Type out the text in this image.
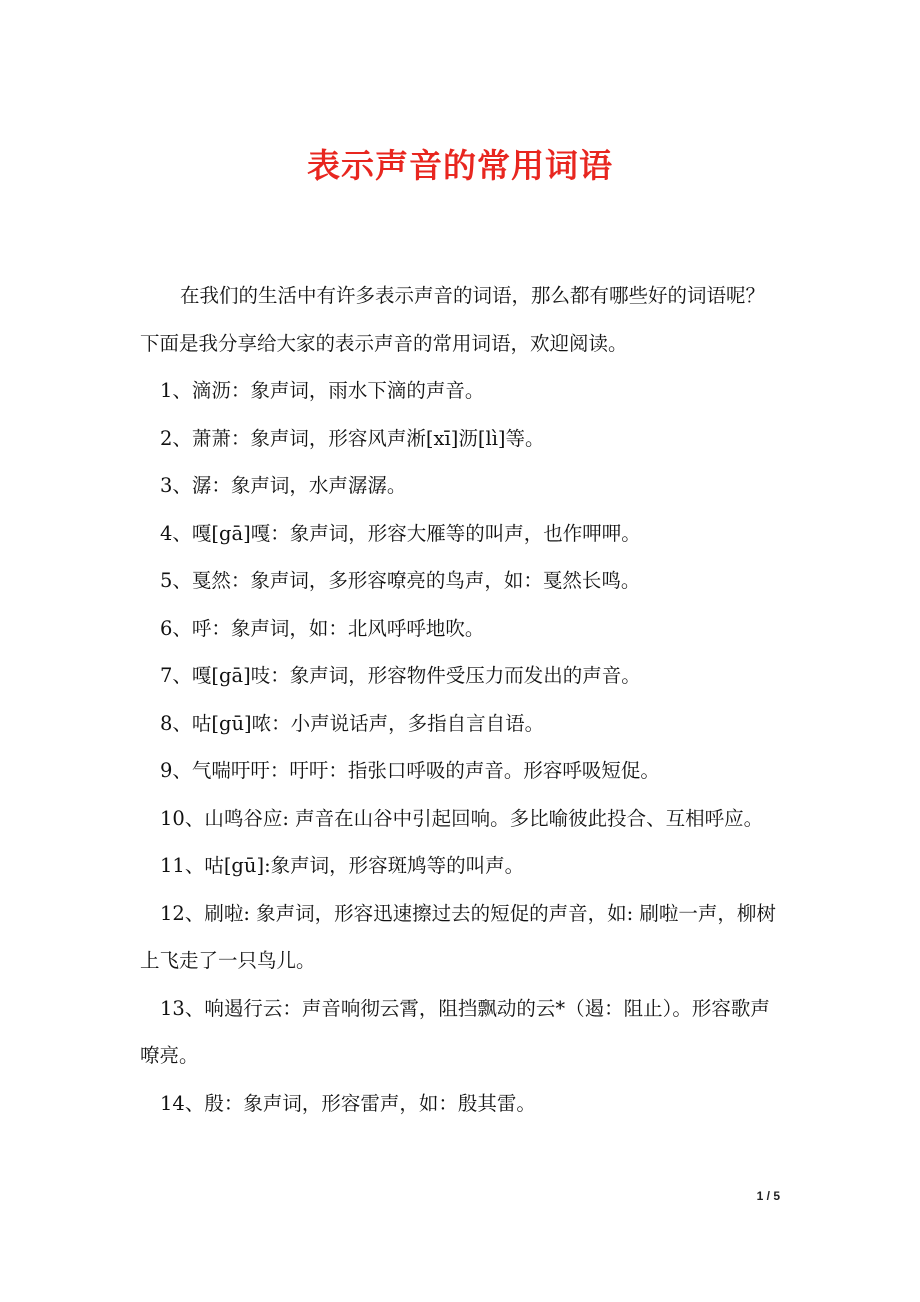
表示声音的常用词语

在我们的生活中有许多表示声音的词语，那么都有哪些好的词语呢？下面是我分享给大家的表示声音的常用词语，欢迎阅读。

1、滴沥：象声词，雨水下滴的声音。

2、萧萧：象声词，形容风声淅[xī]沥[lì]等。

3、潺：象声词，水声潺潺。

4、嘎[gā]嘎：象声词，形容大雁等的叫声，也作呷呷。

5、戛然：象声词，多形容嘹亮的鸟声，如：戛然长鸣。

6、呼：象声词，如：北风呼呼地吹。

7、嘎[gā]吱：象声词，形容物件受压力而发出的声音。

8、咕[gū]哝：小声说话声，多指自言自语。

9、气喘吁吁：吁吁：指张口呼吸的声音。形容呼吸短促。

10、山鸣谷应: 声音在山谷中引起回响。多比喻彼此投合、互相呼应。

11、咕[gū]:象声词，形容斑鸠等的叫声。

12、刷啦: 象声词，形容迅速擦过去的短促的声音，如: 刷啦一声，柳树上飞走了一只鸟儿。

13、响遏行云：声音响彻云霄，阻挡飘动的云*（遏：阻止）。形容歌声嘹亮。

14、殷：象声词，形容雷声，如：殷其雷。

1 / 5
